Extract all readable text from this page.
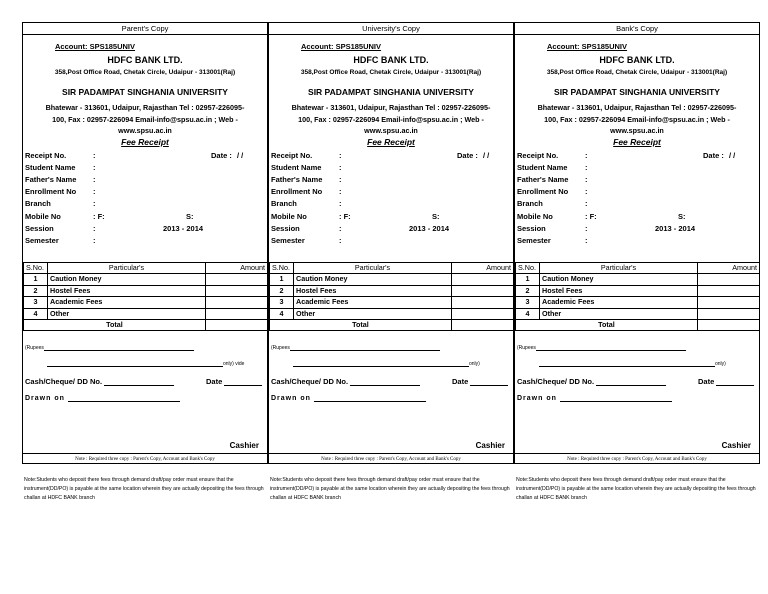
Parent's Copy
Account: SPS185UNIV
HDFC BANK LTD.
358,Post Office Road, Chetak Circle, Udaipur - 313001(Raj)
SIR PADAMPAT SINGHANIA UNIVERSITY
Bhatewar - 313601, Udaipur, Rajasthan Tel : 02957-226095-100, Fax : 02957-226094 Email-info@spsu.ac.in ; Web - www.spsu.ac.in
Fee Receipt
Receipt No.	:	Date : / /
Student Name :
Father's Name :
Enrollment No :
Branch	:
Mobile No	: F:	S:
Session	:	2013 - 2014
Semester	:
S.No.	Particular's	Amount
1	Caution Money	
2	Hostel Fees	
3	Academic Fees	
4	Other	
Total		
(Rupees
only) vide
Cash/Cheque/ DD No.	Date
Drawn on
Cashier
Note : Required three copy : Parent's Copy, Account and Bank's Copy
Note:Students who deposit there fees through demand draft/pay order must ensure that the instrument(DD/PO) is payable at the same location wherein they are actually depositing the fees through challan at HDFC BANK branch
University's Copy
Account: SPS185UNIV
HDFC BANK LTD.
358,Post Office Road, Chetak Circle, Udaipur - 313001(Raj)
SIR PADAMPAT SINGHANIA UNIVERSITY
Bhatewar - 313601, Udaipur, Rajasthan Tel : 02957-226095-100, Fax : 02957-226094 Email-info@spsu.ac.in ; Web - www.spsu.ac.in
Fee Receipt
Receipt No.	:	Date : / /
Student Name :
Father's Name :
Enrollment No :
Branch	:
Mobile No	: F:	S:
Session	:	2013 - 2014
Semester	:
S.No.	Particular's	Amount
1	Caution Money	
2	Hostel Fees	
3	Academic Fees	
4	Other	
Total		
(Rupees
only)
Cash/Cheque/ DD No.	Date
Drawn on
Cashier
Note : Required three copy : Parent's Copy, Account and Bank's Copy
Note:Students who deposit there fees through demand draft/pay order must ensure that the instrument(DD/PO) is payable at the same location wherein they are actually depositing the fees through challan at HDFC BANK branch
Bank's Copy
Account: SPS185UNIV
HDFC BANK LTD.
358,Post Office Road, Chetak Circle, Udaipur - 313001(Raj)
SIR PADAMPAT SINGHANIA UNIVERSITY
Bhatewar - 313601, Udaipur, Rajasthan Tel : 02957-226095-100, Fax : 02957-226094 Email-info@spsu.ac.in ; Web - www.spsu.ac.in
Fee Receipt
Receipt No.	:	Date : / /
Student Name :
Father's Name :
Enrollment No :
Branch	:
Mobile No	: F:	S:
Session	:	2013 - 2014
Semester	:
S.No.	Particular's	Amount
1	Caution Money	
2	Hostel Fees	
3	Academic Fees	
4	Other	
Total		
(Rupees
only)
Cash/Cheque/ DD No.	Date
Drawn on
Cashier
Note : Required three copy : Parent's Copy, Account and Bank's Copy
Note:Students who deposit there fees through demand draft/pay order must ensure that the instrument(DD/PO) is payable at the same location wherein they are actually depositing the fees through challan at HDFC BANK branch
